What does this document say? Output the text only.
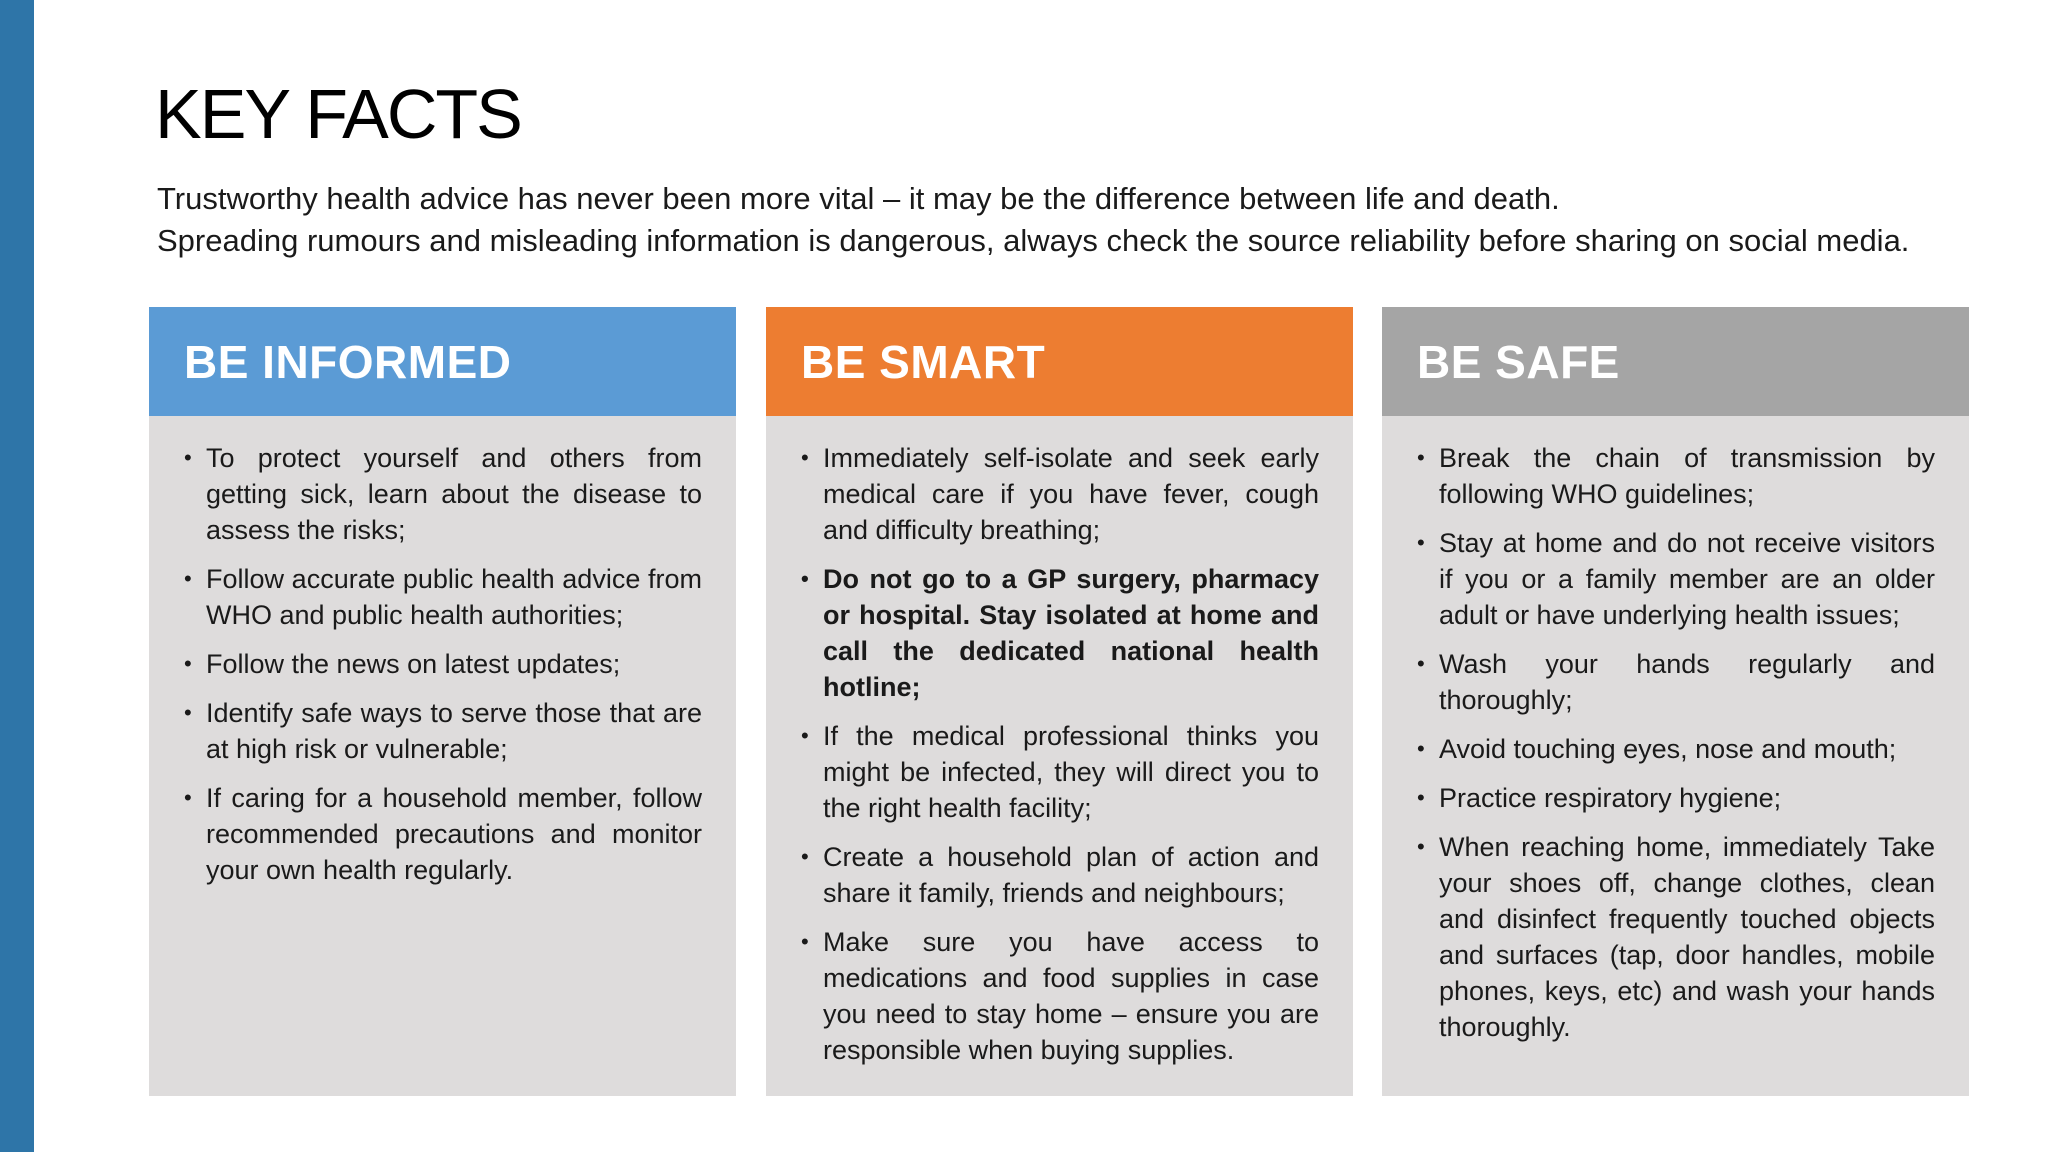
KEY FACTS

Trustworthy health advice has never been more vital – it may be the difference between life and death.

Spreading rumours and misleading information is dangerous, always check the source reliability before sharing on social media.

BE INFORMED
• To protect yourself and others from getting sick, learn about the disease to assess the risks;
• Follow accurate public health advice from WHO and public health authorities;
• Follow the news on latest updates;
• Identify safe ways to serve those that are at high risk or vulnerable;
• If caring for a household member, follow recommended precautions and monitor your own health regularly.
BE SMART
• Immediately self-isolate and seek early medical care if you have fever, cough and difficulty breathing;
• Do not go to a GP surgery, pharmacy or hospital. Stay isolated at home and call the dedicated national health hotline;
• If the medical professional thinks you might be infected, they will direct you to the right health facility;
• Create a household plan of action and share it family, friends and neighbours;
• Make sure you have access to medications and food supplies in case you need to stay home – ensure you are responsible when buying supplies.
BE SAFE
• Break the chain of transmission by following WHO guidelines;
• Stay at home and do not receive visitors if you or a family member are an older adult or have underlying health issues;
• Wash your hands regularly and thoroughly;
• Avoid touching eyes, nose and mouth;
• Practice respiratory hygiene;
• When reaching home, immediately Take your shoes off, change clothes, clean and disinfect frequently touched objects and surfaces (tap, door handles, mobile phones, keys, etc) and wash your hands thoroughly.
